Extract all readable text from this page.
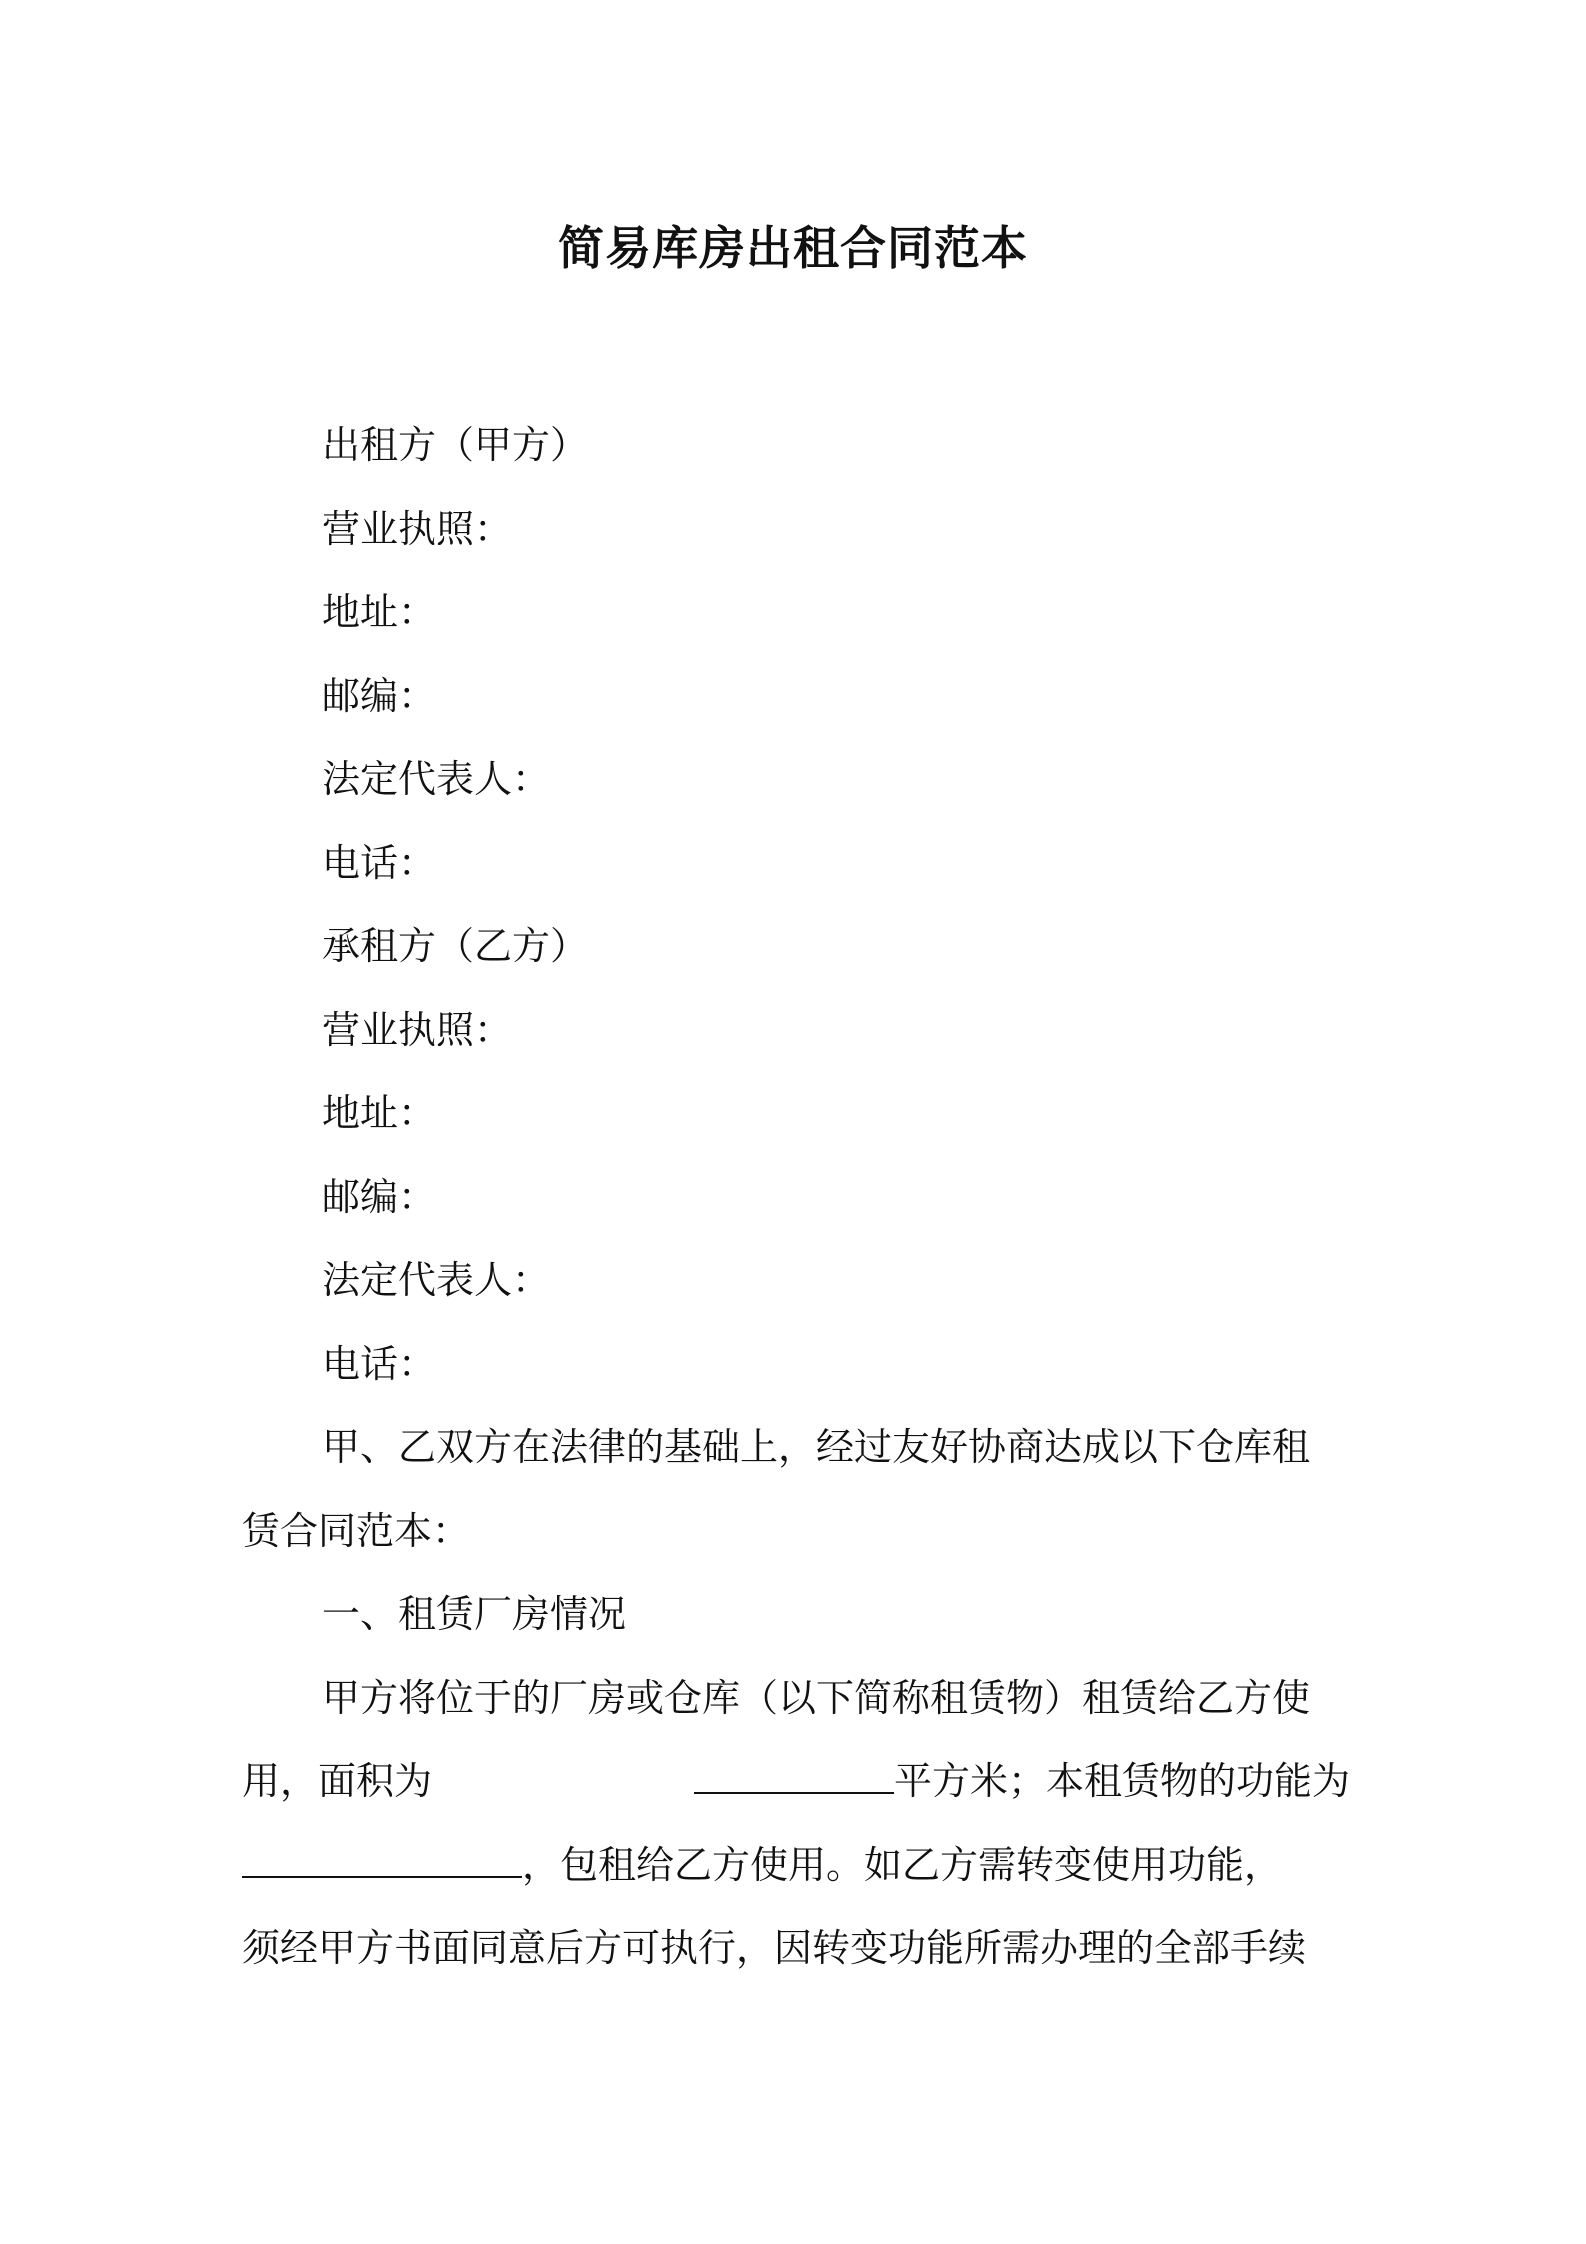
简易库房出租合同范本

出租方（甲方）

营业执照：

地址：

邮编：

法定代表人：

电话：

承租方（乙方）

营业执照：

地址：

邮编：

法定代表人：

电话：

甲、乙双方在法律的基础上，经过友好协商达成以下仓库租

赁合同范本：

一、租赁厂房情况

甲方将位于的厂房或仓库（以下简称租赁物）租赁给乙方使

用，面积为	平方米；本租赁物的功能为
，包租给乙方使用。如乙方需转变使用功能，

须经甲方书面同意后方可执行，因转变功能所需办理的全部手续
